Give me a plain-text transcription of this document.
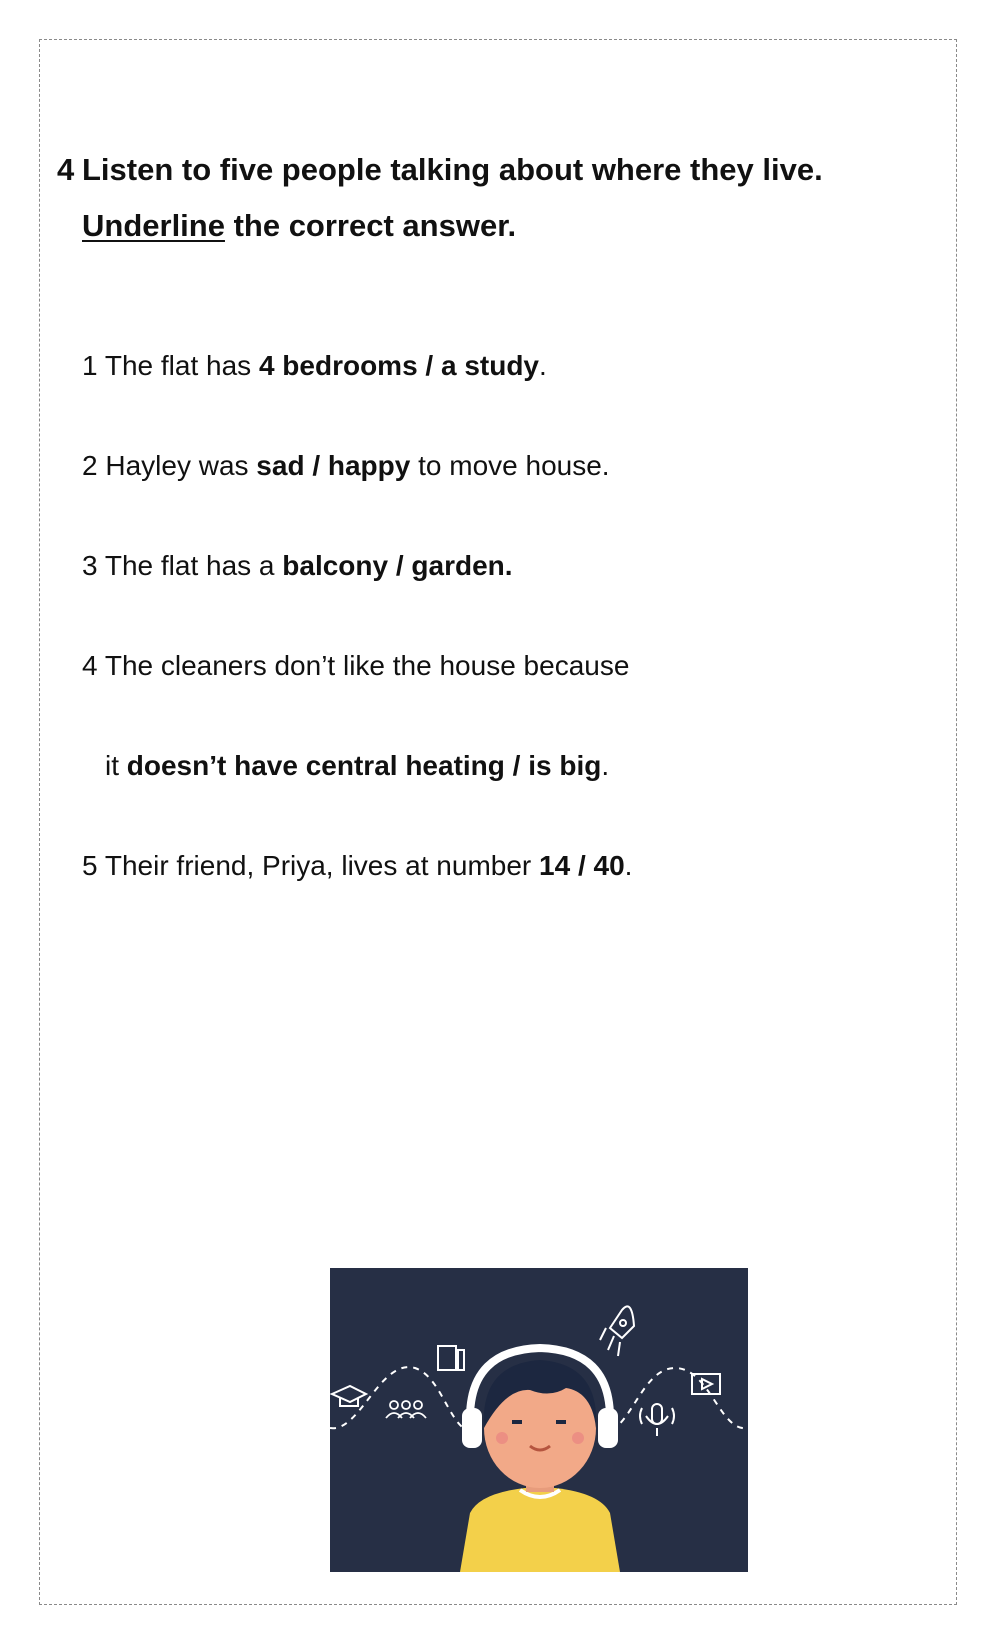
4 Listen to five people talking about where they live.
Underline the correct answer.
1 The flat has 4 bedrooms / a study.
2 Hayley was sad / happy to move house.
3 The flat has a balcony / garden.
4 The cleaners don’t like the house because
it doesn’t have central heating / is big.
5 Their friend, Priya, lives at number 14 / 40.
